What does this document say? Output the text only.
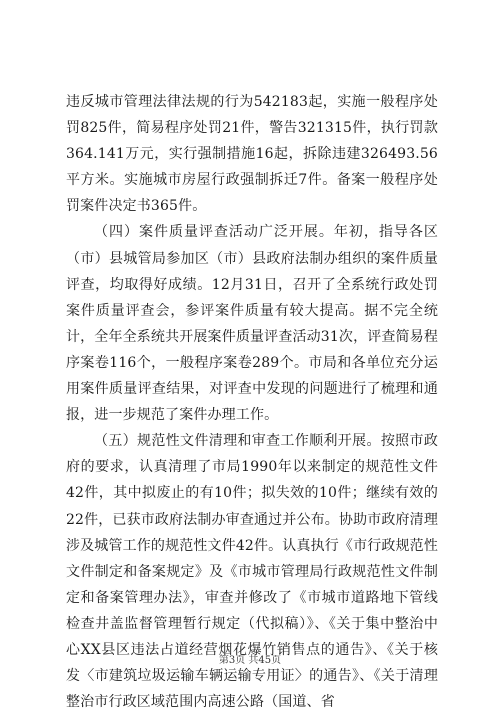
违反城市管理法律法规的行为542183起，实施一般程序处罚825件，简易程序处罚21件，警告321315件，执行罚款364.141万元，实行强制措施16起，拆除违建326493.56平方米。实施城市房屋行政强制拆迁7件。备案一般程序处罚案件决定书365件。

（四）案件质量评查活动广泛开展。年初，指导各区（市）县城管局参加区（市）县政府法制办组织的案件质量评查，均取得好成绩。12月31日，召开了全系统行政处罚案件质量评查会，参评案件质量有较大提高。据不完全统计，全年全系统共开展案件质量评查活动31次，评查简易程序案卷116个，一般程序案卷289个。市局和各单位充分运用案件质量评查结果，对评查中发现的问题进行了梳理和通报，进一步规范了案件办理工作。

（五）规范性文件清理和审查工作顺利开展。按照市政府的要求，认真清理了市局1990年以来制定的规范性文件42件，其中拟废止的有10件；拟失效的10件；继续有效的22件，已获市政府法制办审查通过并公布。协助市政府清理涉及城管工作的规范性文件42件。认真执行《市行政规范性文件制定和备案规定》及《市城市管理局行政规范性文件制定和备案管理办法》，审查并修改了《市城市道路地下管线检查井盖监督管理暂行规定（代拟稿）》、《关于集中整治中心XX县区违法占道经营烟花爆竹销售点的通告》、《关于核发〈市建筑垃圾运输车辆运输专用证〉的通告》、《关于清理整治市行政区域范围内高速公路（国道、省

第3页 共45页
